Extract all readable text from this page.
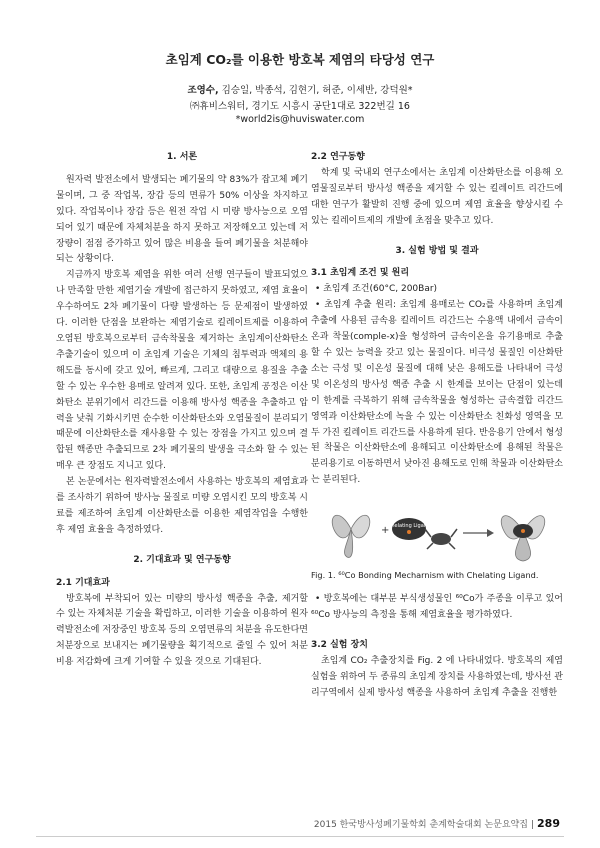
초임계 CO₂를 이용한 방호복 제염의 타당성 연구
조영수, 김승일, 박종석, 김현기, 허준, 이세반, 강덕원*
㈜휴비스워터, 경기도 시흥시 공단1대로 322번길 16
*world2is@huviswater.com
1. 서론

원자력 발전소에서 발생되는 폐기물의 약 83%가 잡고체 폐기물이며, 그 중 작업복, 장갑 등의 면류가 50% 이상을 차지하고 있다. 작업복이나 장갑 등은 원전 작업 시 미량 방사능으로 오염되어 있기 때문에 자체처분을 하지 못하고 저장해오고 있는데 저장량이 점점 증가하고 있어 많은 비용을 들여 폐기물을 처분해야 되는 상황이다.

지금까지 방호복 제염을 위한 여러 선행 연구들이 발표되었으나 만족할 만한 제염기술 개발에 접근하지 못하였고, 제염 효율이 우수하여도 2차 폐기물이 다량 발생하는 등 문제점이 발생하였다. 이러한 단점을 보완하는 제염기술로 킬레이트제를 이용하여 오염된 방호복으로부터 금속착물을 제거하는 초임계이산화탄소 추출기술이 있으며 이 초임계 기술은 기체의 침투력과 액체의 용해도를 동시에 갖고 있어, 빠르게, 그리고 대량으로 용질을 추출할 수 있는 우수한 용매로 알려져 있다. 또한, 초임계 공정은 이산화탄소 분위기에서 리간드를 이용해 방사성 핵종을 추출하고 압력을 낮춰 기화시키면 순수한 이산화탄소와 오염물질이 분리되기 때문에 이산화탄소를 재사용할 수 있는 장점을 가지고 있으며 결합된 핵종만 추출되므로 2차 폐기물의 발생을 극소화 할 수 있는 매우 큰 장점도 지니고 있다.

본 논문에서는 원자력발전소에서 사용하는 방호복의 제염효과를 조사하기 위하여 방사능 물질로 미량 오염시킨 모의 방호복 시료를 제조하여 초임계 이산화탄소를 이용한 제염작업을 수행한 후 제염 효율을 측정하였다.

2. 기대효과 및 연구동향
2.1 기대효과

방호복에 부착되어 있는 미량의 방사성 핵종을 추출, 제거할 수 있는 자체처분 기술을 확립하고, 이러한 기술을 이용하여 원자력발전소에 저장중인 방호복 등의 오염면류의 처분을 유도한다면 처분장으로 보내지는 폐기물량을 획기적으로 줄일 수 있어 처분비용 저감화에 크게 기여할 수 있을 것으로 기대된다.

2.2 연구동향

학계 및 국내외 연구소에서는 초임계 이산화탄소를 이용해 오염물질로부터 방사성 핵종을 제거할 수 있는 킬레이트 리간드에 대한 연구가 활발히 진행 중에 있으며 제염 효율을 향상시킬 수 있는 킬레이트제의 개발에 초점을 맞추고 있다.

3. 실험 방법 및 결과
3.1 초임계 조건 및 원리

• 초임계 조건(60°C, 200Bar)

• 초임계 추출 원리: 초임계 용매로는 CO₂를 사용하며 초임계 추출에 사용된 금속용 킬레이트 리간드는 수용액 내에서 금속이온과 착물(comple-x)을 형성하여 금속이온을 유기용매로 추출할 수 있는 능력을 갖고 있는 물질이다. 비극성 물질인 이산화탄소는 극성 및 이온성 물질에 대해 낮은 용해도를 나타내어 극성 및 이온성의 방사성 핵종 추출 시 한계를 보이는 단점이 있는데 이 한계를 극복하기 위해 금속착물을 형성하는 금속결합 리간드 영역과 이산화탄소에 녹을 수 있는 이산화탄소 친화성 영역을 모두 가진 킬레이트 리간드를 사용하게 된다. 반응용기 안에서 형성된 착물은 이산화탄소에 용해되고 이산화탄소에 용해된 착물은 분리용기로 이동하면서 낮아진 용해도로 인해 착물과 이산화탄소는 분리된다.

+
Chelating Ligand
Fig. 1. ⁶⁰Co Bonding Mecharnism with Chelating Ligand.

• 방호복에는 대부분 부식생성물인 ⁶⁰Co가 주종을 이루고 있어 ⁶⁰Co 방사능의 측정을 통해 제염효율을 평가하였다.

3.2 실험 장치

초임계 CO₂ 추출장치를 Fig. 2 에 나타내었다. 방호복의 제염 실험을 위하여 두 종류의 초임계 장치를 사용하였는데, 방사선 관리구역에서 실제 방사성 핵종을 사용하여 초임계 추출을 진행한

2015 한국방사성폐기물학회 춘계학술대회 논문요약집 | 289
